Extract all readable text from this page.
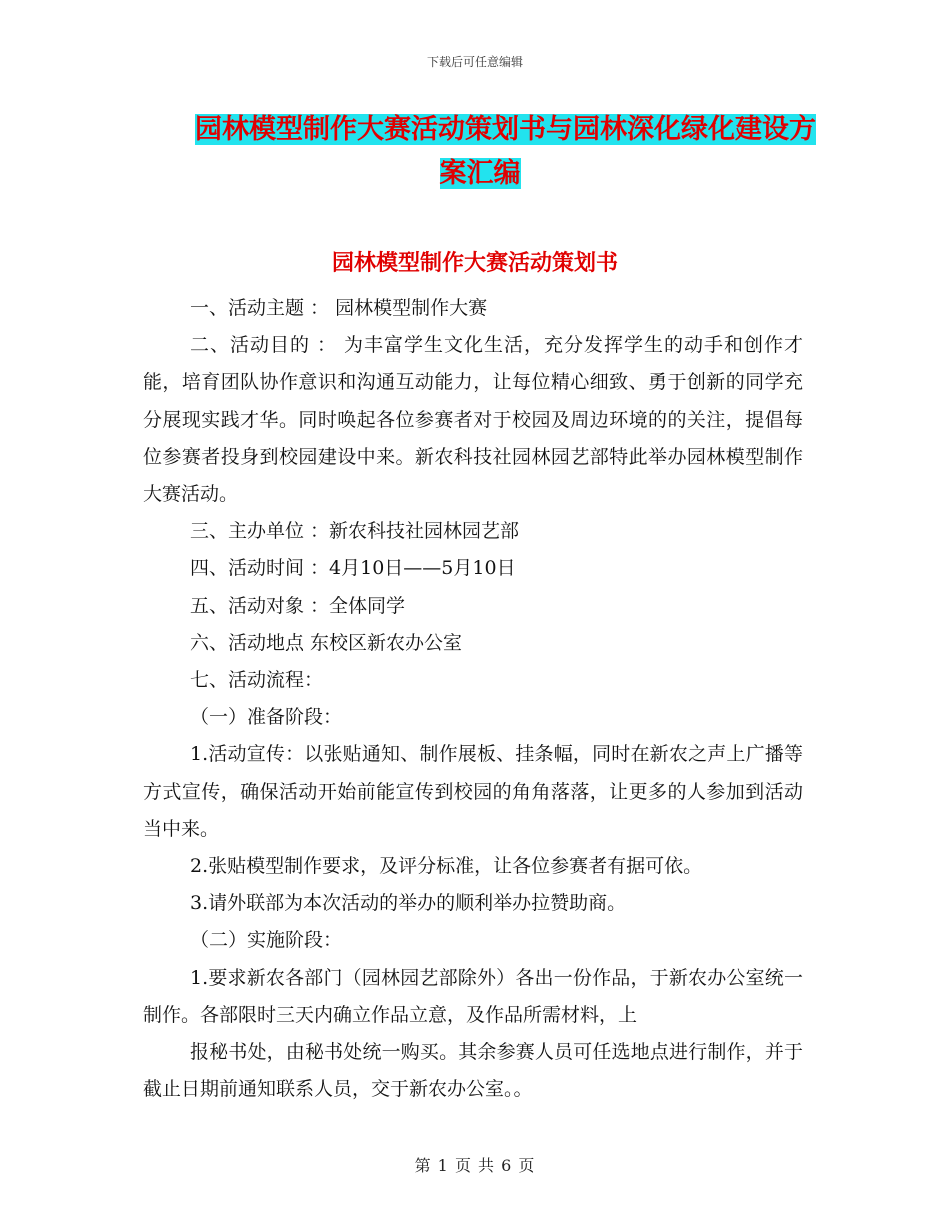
下载后可任意编辑
园林模型制作大赛活动策划书与园林深化绿化建设方
案汇编
园林模型制作大赛活动策划书

一、活动主题 ： 园林模型制作大赛

二、活动目的 ： 为丰富学生文化生活，充分发挥学生的动手和创作才能，培育团队协作意识和沟通互动能力，让每位精心细致、勇于创新的同学充分展现实践才华。同时唤起各位参赛者对于校园及周边环境的的关注，提倡每位参赛者投身到校园建设中来。新农科技社园林园艺部特此举办园林模型制作大赛活动。

三、主办单位 ：新农科技社园林园艺部

四、活动时间 ：4月10日——5月10日

五、活动对象 ：全体同学

六、活动地点 东校区新农办公室

七、活动流程：

（一）准备阶段：

1.活动宣传：以张贴通知、制作展板、挂条幅，同时在新农之声上广播等方式宣传，确保活动开始前能宣传到校园的角角落落，让更多的人参加到活动当中来。

2.张贴模型制作要求，及评分标准，让各位参赛者有据可依。

3.请外联部为本次活动的举办的顺利举办拉赞助商。

（二）实施阶段：

1.要求新农各部门（园林园艺部除外）各出一份作品，于新农办公室统一制作。各部限时三天内确立作品立意，及作品所需材料，上

报秘书处，由秘书处统一购买。其余参赛人员可任选地点进行制作，并于截止日期前通知联系人员，交于新农办公室。。

第 1 页 共 6 页
